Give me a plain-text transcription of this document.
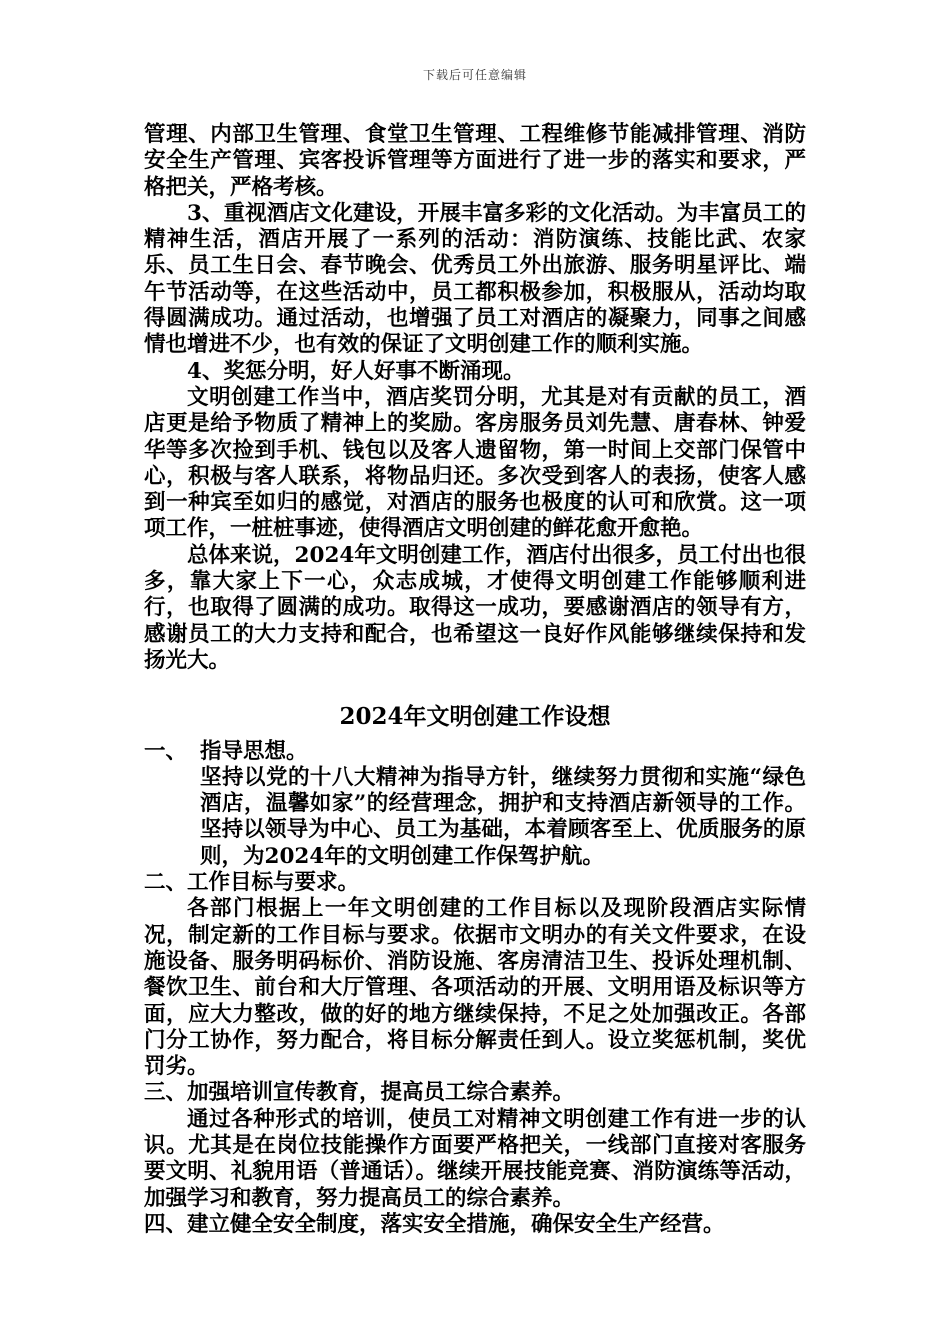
下载后可任意编辑

管理、内部卫生管理、食堂卫生管理、工程维修节能减排管理、消防安全生产管理、宾客投诉管理等方面进行了进一步的落实和要求，严格把关，严格考核。

3、重视酒店文化建设，开展丰富多彩的文化活动。为丰富员工的精神生活，酒店开展了一系列的活动：消防演练、技能比武、农家乐、员工生日会、春节晚会、优秀员工外出旅游、服务明星评比、端午节活动等，在这些活动中，员工都积极参加，积极服从，活动均取得圆满成功。通过活动，也增强了员工对酒店的凝聚力，同事之间感情也增进不少，也有效的保证了文明创建工作的顺利实施。

4、奖惩分明，好人好事不断涌现。

文明创建工作当中，酒店奖罚分明，尤其是对有贡献的员工，酒店更是给予物质了精神上的奖励。客房服务员刘先慧、唐春林、钟爱华等多次捡到手机、钱包以及客人遗留物，第一时间上交部门保管中心，积极与客人联系，将物品归还。多次受到客人的表扬，使客人感到一种宾至如归的感觉，对酒店的服务也极度的认可和欣赏。这一项项工作，一桩桩事迹，使得酒店文明创建的鲜花愈开愈艳。

总体来说，2024年文明创建工作，酒店付出很多，员工付出也很多，靠大家上下一心，众志成城，才使得文明创建工作能够顺利进行，也取得了圆满的成功。取得这一成功，要感谢酒店的领导有方，感谢员工的大力支持和配合，也希望这一良好作风能够继续保持和发扬光大。

2024年文明创建工作设想

一、 指导思想。

坚持以党的十八大精神为指导方针，继续努力贯彻和实施“绿色酒店，温馨如家”的经营理念，拥护和支持酒店新领导的工作。坚持以领导为中心、员工为基础，本着顾客至上、优质服务的原则，为2024年的文明创建工作保驾护航。

二、工作目标与要求。

各部门根据上一年文明创建的工作目标以及现阶段酒店实际情况，制定新的工作目标与要求。依据市文明办的有关文件要求，在设施设备、服务明码标价、消防设施、客房清洁卫生、投诉处理机制、餐饮卫生、前台和大厅管理、各项活动的开展、文明用语及标识等方面，应大力整改，做的好的地方继续保持，不足之处加强改正。各部门分工协作，努力配合，将目标分解责任到人。设立奖惩机制，奖优罚劣。

三、加强培训宣传教育，提高员工综合素养。

通过各种形式的培训，使员工对精神文明创建工作有进一步的认识。尤其是在岗位技能操作方面要严格把关，一线部门直接对客服务要文明、礼貌用语（普通话）。继续开展技能竞赛、消防演练等活动，加强学习和教育，努力提高员工的综合素养。

四、建立健全安全制度，落实安全措施，确保安全生产经营。
